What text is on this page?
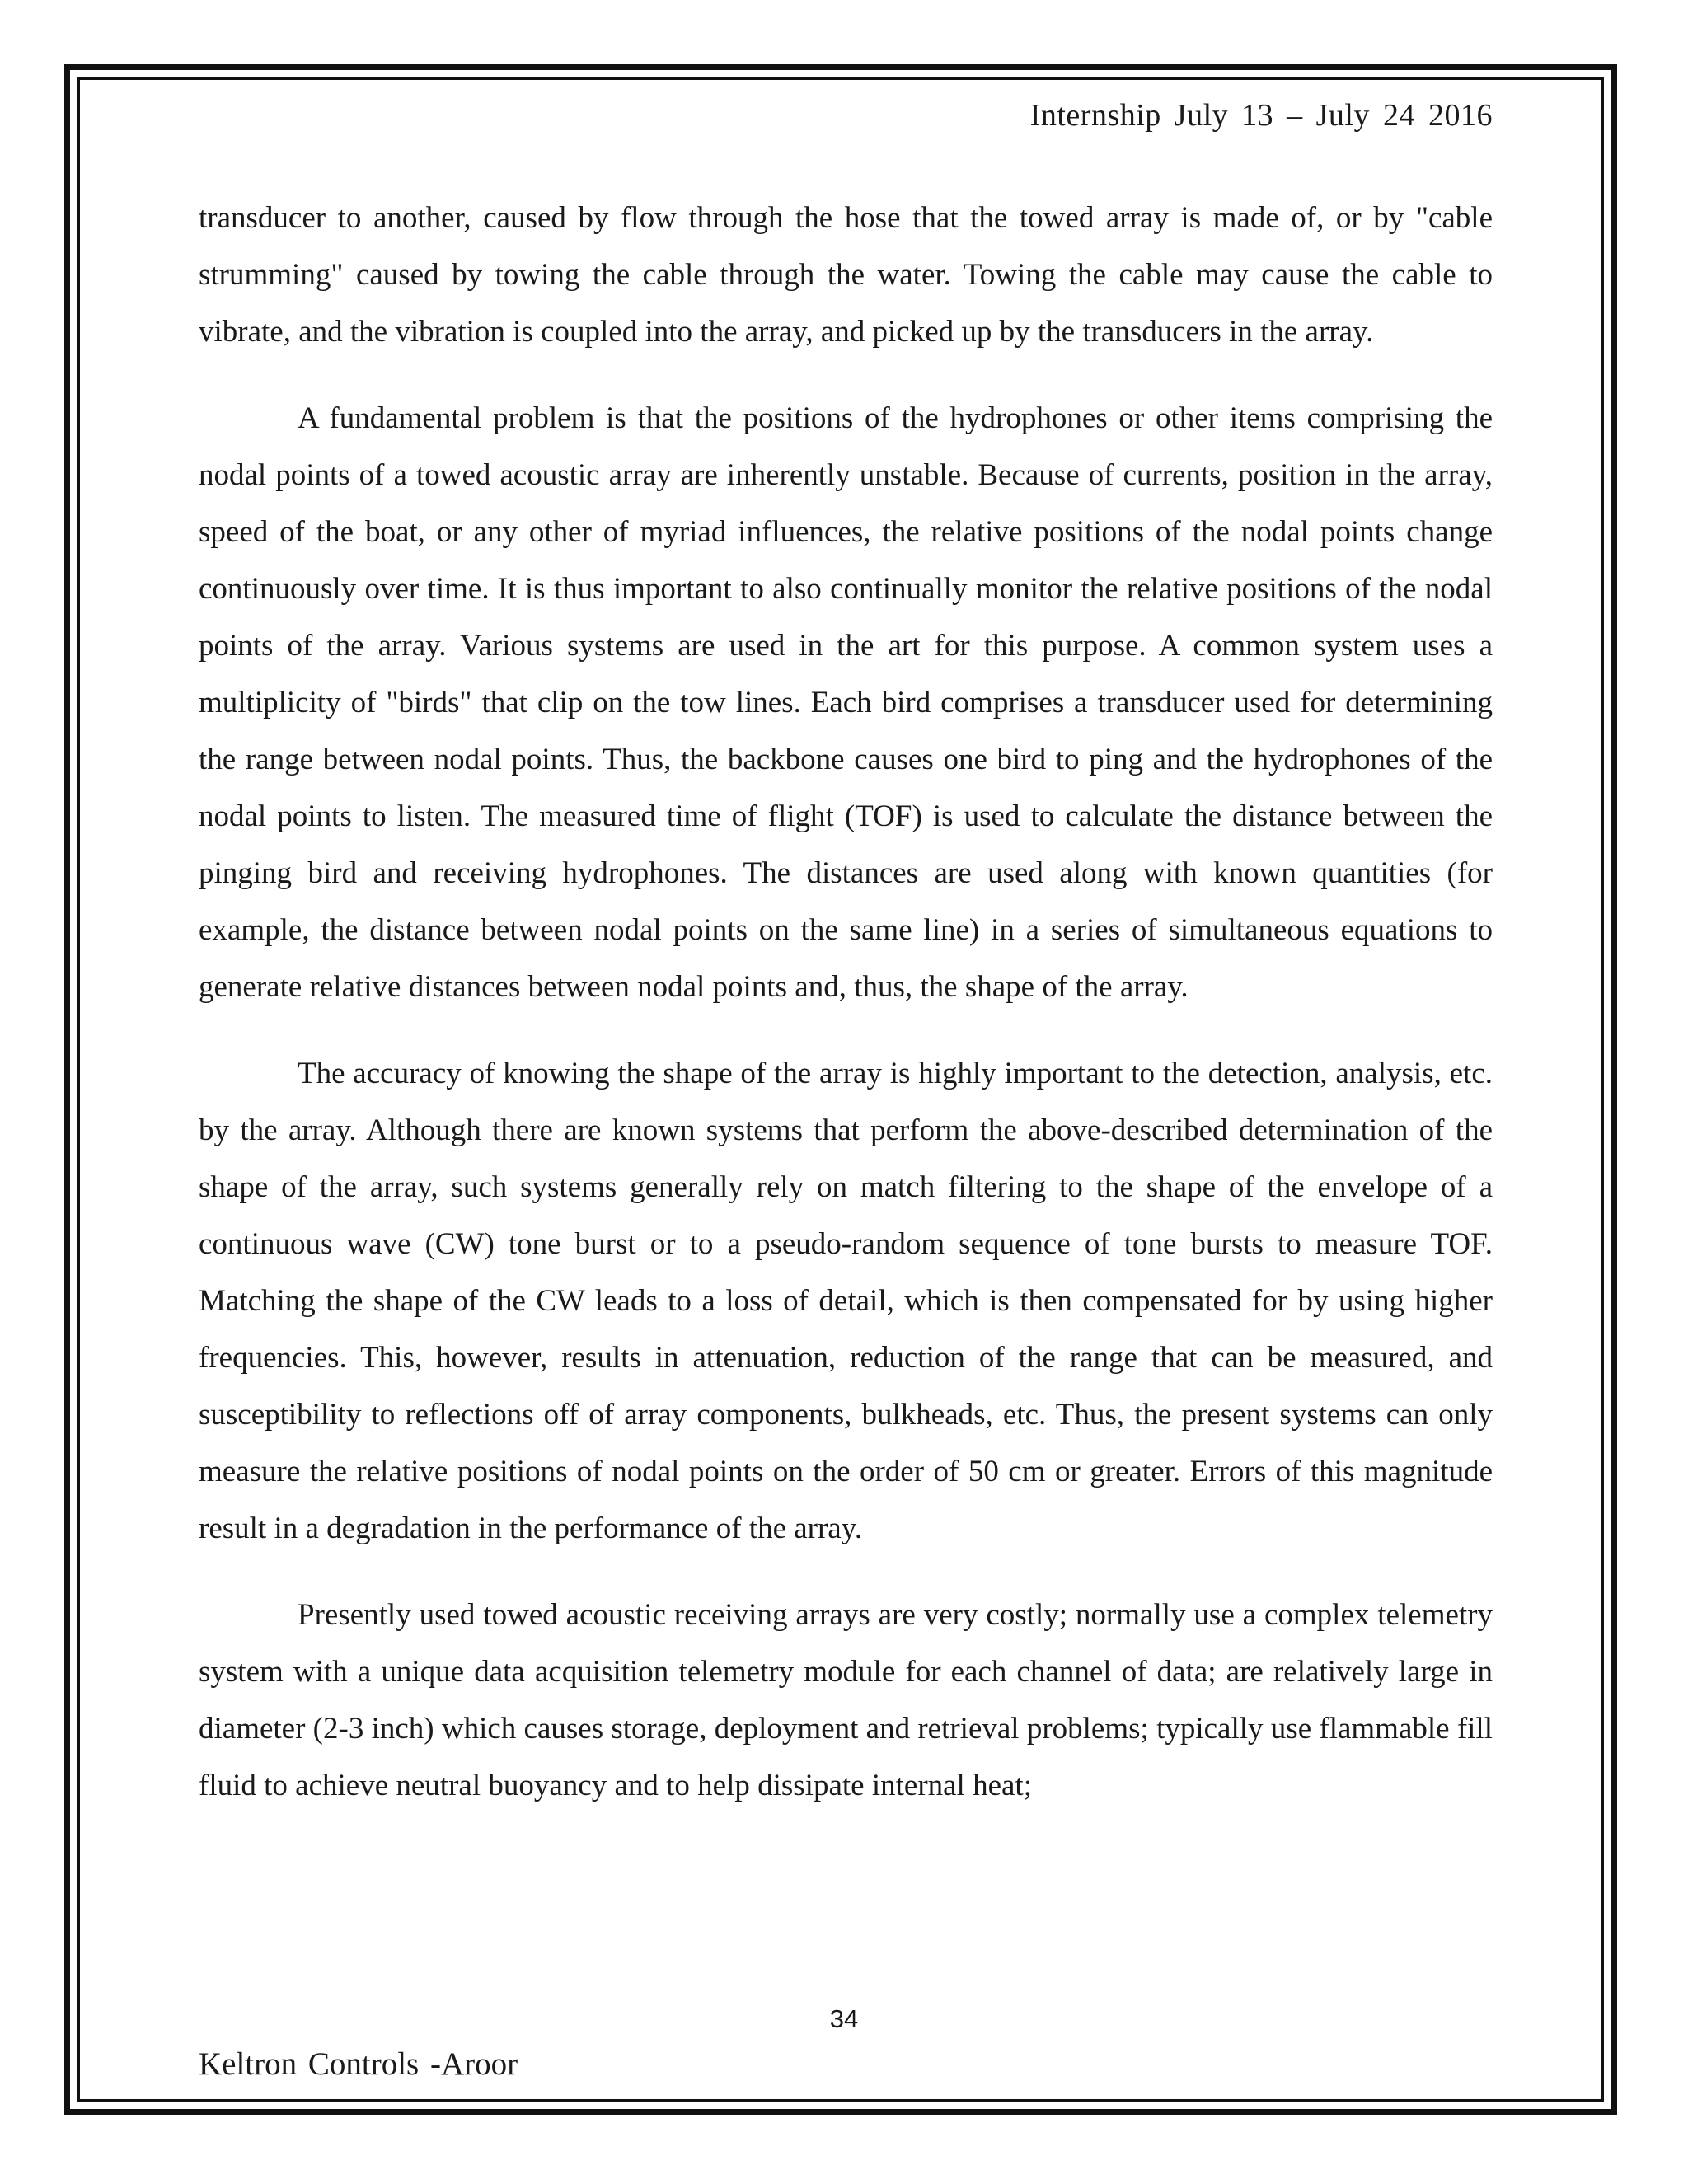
Internship July 13 – July 24 2016

transducer to another, caused by flow through the hose that the towed array is made of, or by "cable strumming" caused by towing the cable through the water. Towing the cable may cause the cable to vibrate, and the vibration is coupled into the array, and picked up by the transducers in the array.

A fundamental problem is that the positions of the hydrophones or other items comprising the nodal points of a towed acoustic array are inherently unstable. Because of currents, position in the array, speed of the boat, or any other of myriad influences, the relative positions of the nodal points change continuously over time. It is thus important to also continually monitor the relative positions of the nodal points of the array. Various systems are used in the art for this purpose. A common system uses a multiplicity of "birds" that clip on the tow lines. Each bird comprises a transducer used for determining the range between nodal points. Thus, the backbone causes one bird to ping and the hydrophones of the nodal points to listen. The measured time of flight (TOF) is used to calculate the distance between the pinging bird and receiving hydrophones. The distances are used along with known quantities (for example, the distance between nodal points on the same line) in a series of simultaneous equations to generate relative distances between nodal points and, thus, the shape of the array.

The accuracy of knowing the shape of the array is highly important to the detection, analysis, etc. by the array. Although there are known systems that perform the above-described determination of the shape of the array, such systems generally rely on match filtering to the shape of the envelope of a continuous wave (CW) tone burst or to a pseudo-random sequence of tone bursts to measure TOF. Matching the shape of the CW leads to a loss of detail, which is then compensated for by using higher frequencies. This, however, results in attenuation, reduction of the range that can be measured, and susceptibility to reflections off of array components, bulkheads, etc. Thus, the present systems can only measure the relative positions of nodal points on the order of 50 cm or greater. Errors of this magnitude result in a degradation in the performance of the array.

Presently used towed acoustic receiving arrays are very costly; normally use a complex telemetry system with a unique data acquisition telemetry module for each channel of data; are relatively large in diameter (2-3 inch) which causes storage, deployment and retrieval problems; typically use flammable fill fluid to achieve neutral buoyancy and to help dissipate internal heat;

34
Keltron Controls -Aroor
